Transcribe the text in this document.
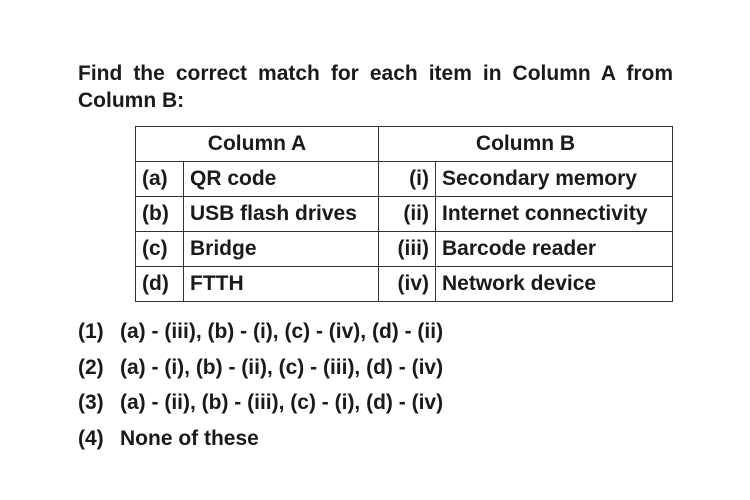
Find the correct match for each item in Column A from Column B:
Column A		Column B	
(a)	QR code	(i)	Secondary memory
(b)	USB flash drives	(ii)	Internet connectivity
(c)	Bridge	(iii)	Barcode reader
(d)	FTTH	(iv)	Network device
(1) (a) - (iii), (b) - (i), (c) - (iv), (d) - (ii)
(2) (a) - (i), (b) - (ii), (c) - (iii), (d) - (iv)
(3) (a) - (ii), (b) - (iii), (c) - (i), (d) - (iv)
(4) None of these
